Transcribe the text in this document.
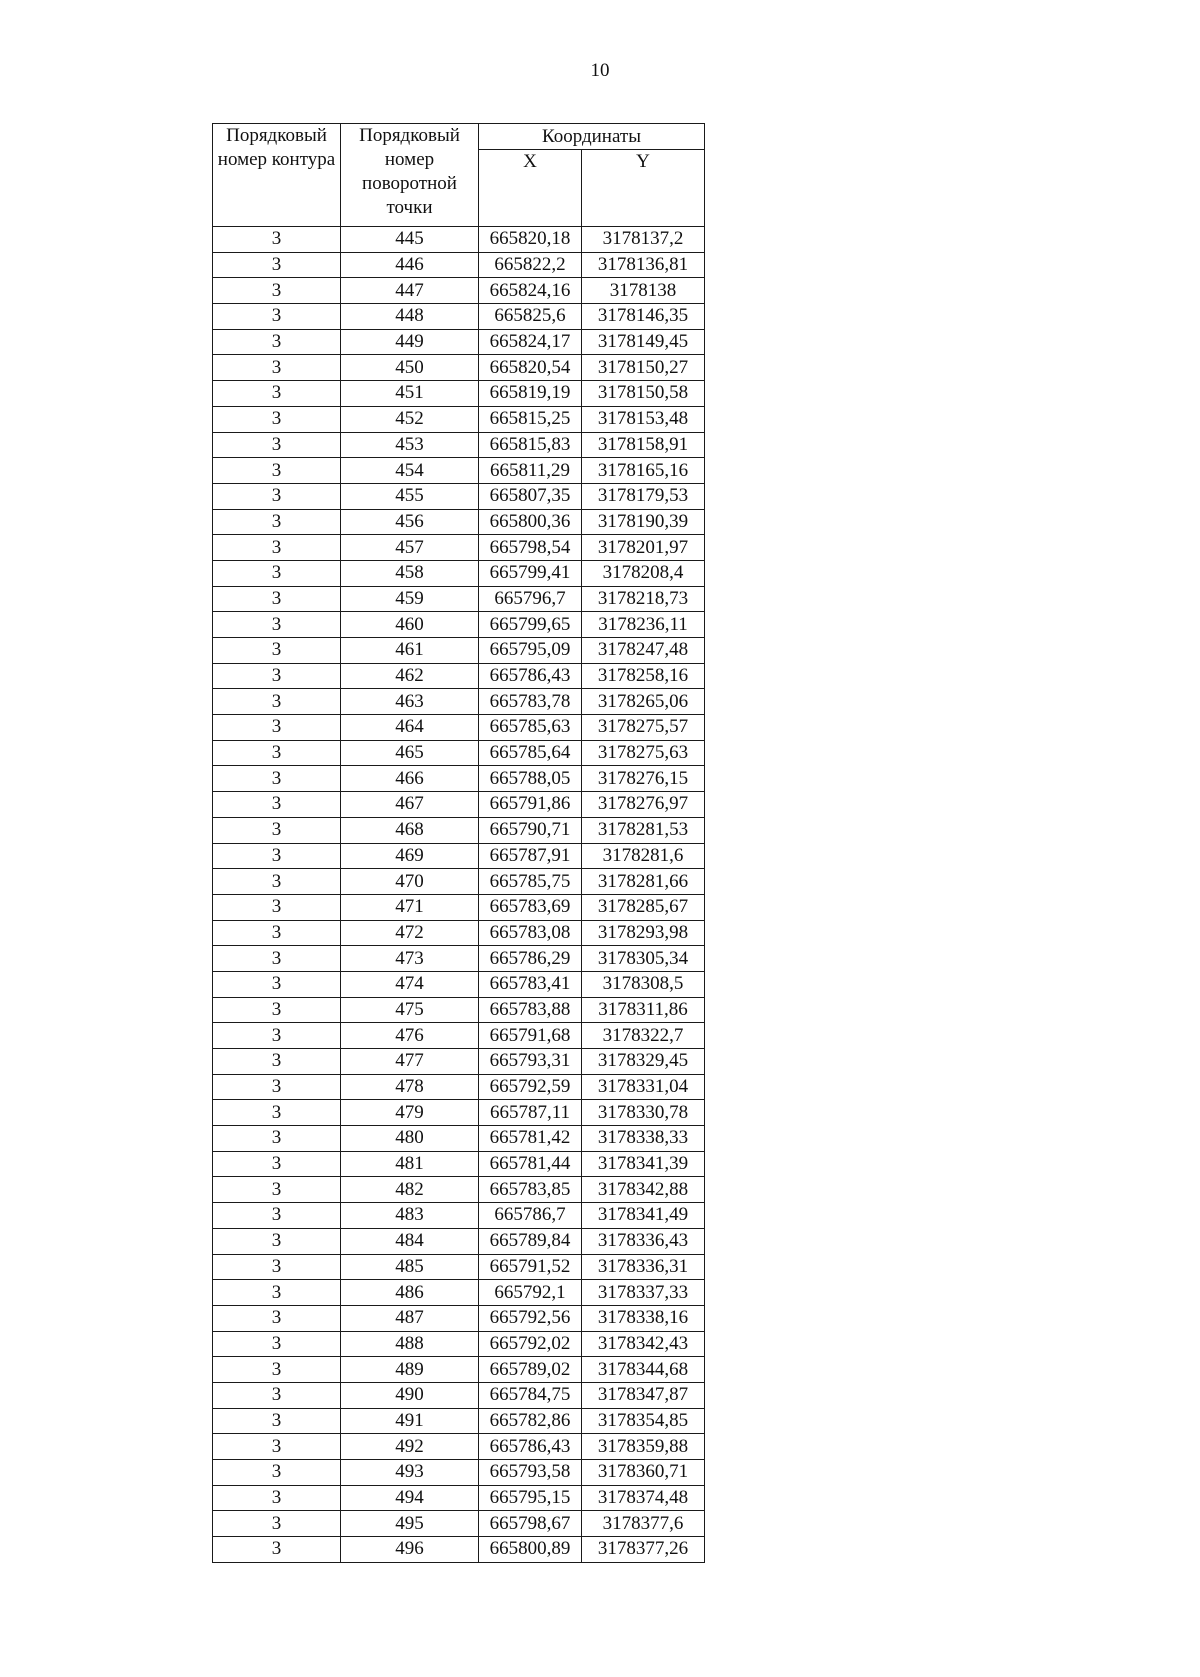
10
Порядковый номер контура	Порядковый номер поворотной точки	Координаты	
		X	Y
3	445	665820,18	3178137,2
3	446	665822,2	3178136,81
3	447	665824,16	3178138
3	448	665825,6	3178146,35
3	449	665824,17	3178149,45
3	450	665820,54	3178150,27
3	451	665819,19	3178150,58
3	452	665815,25	3178153,48
3	453	665815,83	3178158,91
3	454	665811,29	3178165,16
3	455	665807,35	3178179,53
3	456	665800,36	3178190,39
3	457	665798,54	3178201,97
3	458	665799,41	3178208,4
3	459	665796,7	3178218,73
3	460	665799,65	3178236,11
3	461	665795,09	3178247,48
3	462	665786,43	3178258,16
3	463	665783,78	3178265,06
3	464	665785,63	3178275,57
3	465	665785,64	3178275,63
3	466	665788,05	3178276,15
3	467	665791,86	3178276,97
3	468	665790,71	3178281,53
3	469	665787,91	3178281,6
3	470	665785,75	3178281,66
3	471	665783,69	3178285,67
3	472	665783,08	3178293,98
3	473	665786,29	3178305,34
3	474	665783,41	3178308,5
3	475	665783,88	3178311,86
3	476	665791,68	3178322,7
3	477	665793,31	3178329,45
3	478	665792,59	3178331,04
3	479	665787,11	3178330,78
3	480	665781,42	3178338,33
3	481	665781,44	3178341,39
3	482	665783,85	3178342,88
3	483	665786,7	3178341,49
3	484	665789,84	3178336,43
3	485	665791,52	3178336,31
3	486	665792,1	3178337,33
3	487	665792,56	3178338,16
3	488	665792,02	3178342,43
3	489	665789,02	3178344,68
3	490	665784,75	3178347,87
3	491	665782,86	3178354,85
3	492	665786,43	3178359,88
3	493	665793,58	3178360,71
3	494	665795,15	3178374,48
3	495	665798,67	3178377,6
3	496	665800,89	3178377,26
